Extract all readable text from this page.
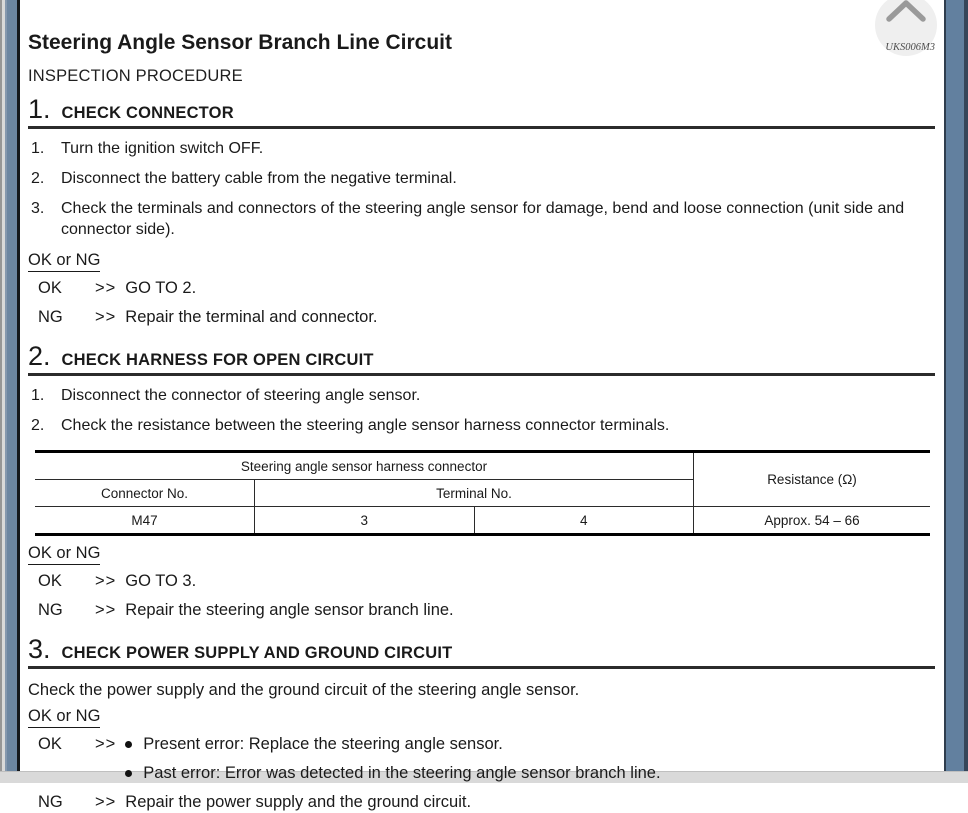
Steering Angle Sensor Branch Line Circuit	UKS006M3
INSPECTION PROCEDURE
1. CHECK CONNECTOR
1.	Turn the ignition switch OFF.
2.	Disconnect the battery cable from the negative terminal.
3.	Check the terminals and connectors of the steering angle sensor for damage, bend and loose connection (unit side and connector side).
OK or NG
OK	>> GO TO 2.
NG	>> Repair the terminal and connector.
2. CHECK HARNESS FOR OPEN CIRCUIT
1.	Disconnect the connector of steering angle sensor.
2.	Check the resistance between the steering angle sensor harness connector terminals.
Steering angle sensor harness connector			Resistance (Ω)
Connector No.	Terminal No.		
M47	3	4	Approx. 54 – 66
OK or NG
OK	>> GO TO 3.
NG	>> Repair the steering angle sensor branch line.
3. CHECK POWER SUPPLY AND GROUND CIRCUIT
Check the power supply and the ground circuit of the steering angle sensor.
OK or NG
OK	>> Present error: Replace the steering angle sensor.
Past error: Error was detected in the steering angle sensor branch line.
NG	>> Repair the power supply and the ground circuit.
